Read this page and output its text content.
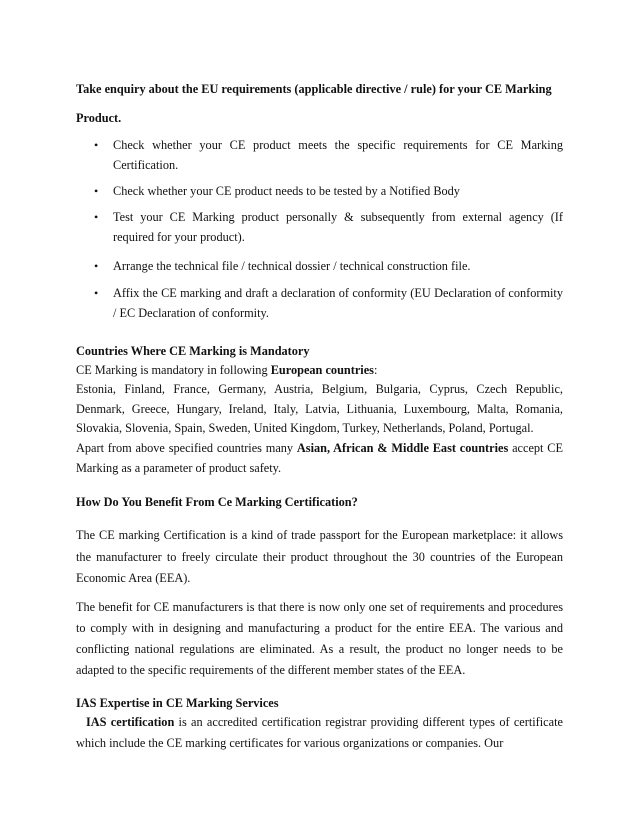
Take enquiry about the EU requirements (applicable directive / rule) for your CE Marking

Product.

•	Check whether your CE product meets the specific requirements for CE Marking Certification.

•	Check whether your CE product needs to be tested by a Notified Body

•	Test your CE Marking product personally & subsequently from external agency (If required for your product).

•	Arrange the technical file / technical dossier / technical construction file.

•	Affix the CE marking and draft a declaration of conformity (EU Declaration of conformity / EC Declaration of conformity.

Countries Where CE Marking is Mandatory

CE Marking is mandatory in following European countries:

Estonia, Finland, France, Germany, Austria, Belgium, Bulgaria, Cyprus, Czech Republic, Denmark, Greece, Hungary, Ireland, Italy, Latvia, Lithuania, Luxembourg, Malta, Romania, Slovakia, Slovenia, Spain, Sweden, United Kingdom, Turkey, Netherlands, Poland, Portugal.

Apart from above specified countries many Asian, African & Middle East countries accept CE Marking as a parameter of product safety.

How Do You Benefit From Ce Marking Certification?

The CE marking Certification is a kind of trade passport for the European marketplace: it allows the manufacturer to freely circulate their product throughout the 30 countries of the European Economic Area (EEA).

The benefit for CE manufacturers is that there is now only one set of requirements and procedures to comply with in designing and manufacturing a product for the entire EEA. The various and conflicting national regulations are eliminated. As a result, the product no longer needs to be adapted to the specific requirements of the different member states of the EEA.

IAS Expertise in CE Marking Services

IAS certification is an accredited certification registrar providing different types of certificate which include the CE marking certificates for various organizations or companies. Our
